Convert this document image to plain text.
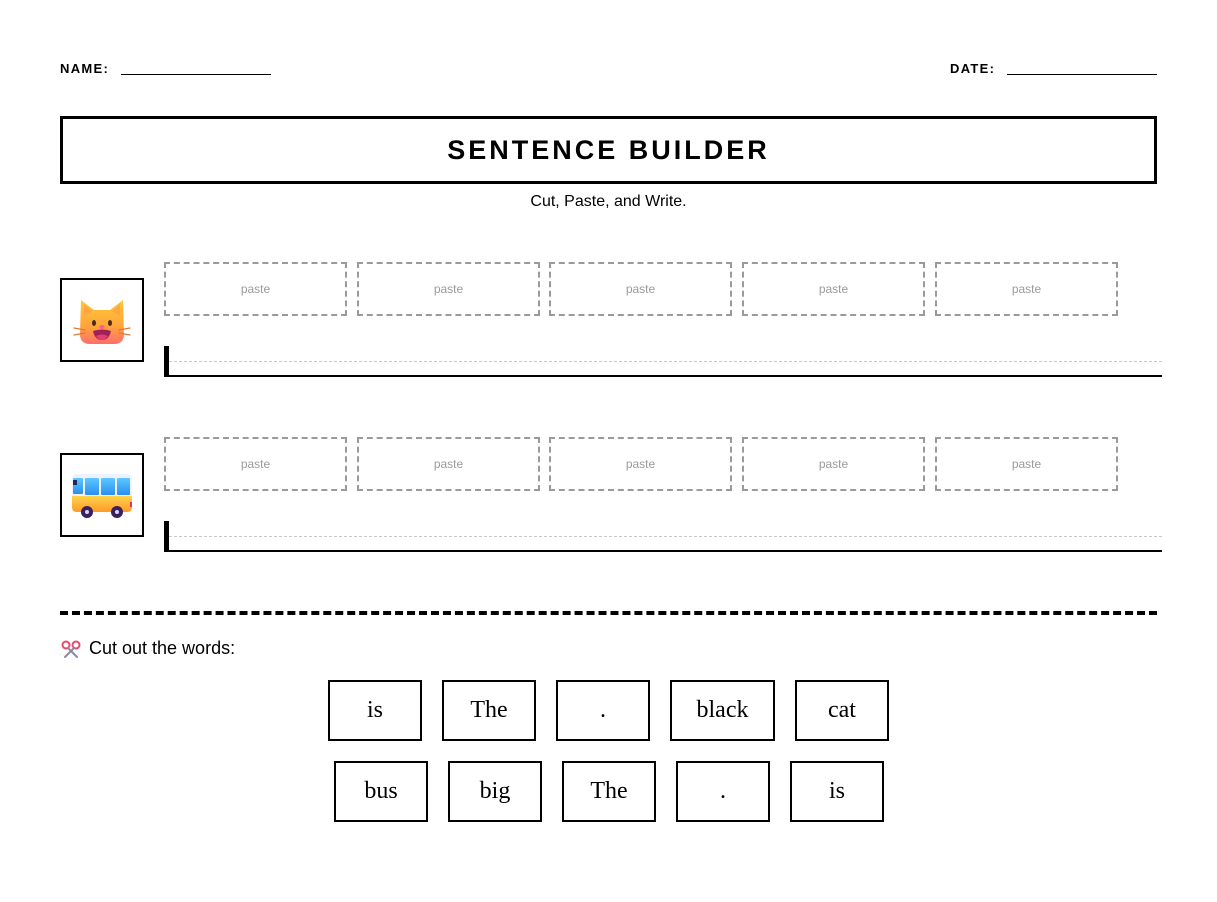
NAME:	DATE:
SENTENCE BUILDER
Cut, Paste, and Write.
paste	paste	paste	paste	paste
paste	paste	paste	paste	paste
Cut out the words:
is	The	.	black	cat
bus	big	The	.	is
